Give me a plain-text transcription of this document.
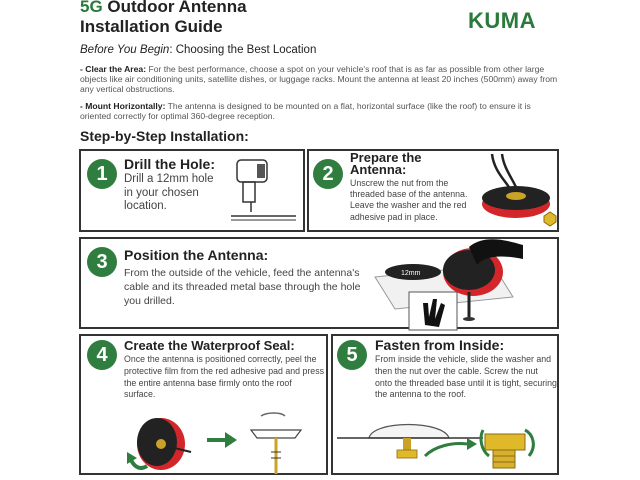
5G Outdoor Antenna
Installation Guide	KUMA
Before You Begin: Choosing the Best Location
- Clear the Area: For the best performance, choose a spot on your vehicle's roof that is as far as possible from other large objects like air conditioning units, satellite dishes, or luggage racks. Mount the antenna at least 20 inches (500mm) away from any vertical obstructions.
- Mount Horizontally: The antenna is designed to be mounted on a flat, horizontal surface (like the roof) to ensure it is oriented correctly for optimal 360-degree reception.
Step-by-Step Installation:
1	Drill the Hole:
Drill a 12mm hole in your chosen location.
2
Prepare the Antenna:
Unscrew the nut from the threaded base of the antenna. Leave the washer and the red adhesive pad in place.
3	Position the Antenna:
From the outside of the vehicle, feed the antenna's cable and its threaded metal base through the hole you drilled.
12mm
4	Create the Waterproof Seal:
Once the antenna is positioned correctly, peel the protective film from the red adhesive pad and press the entire antenna base firmly onto the roof surface.
5	Fasten from Inside:
From inside the vehicle, slide the washer and then the nut over the cable. Screw the nut onto the threaded base until it is tight, securing the antenna to the roof.
